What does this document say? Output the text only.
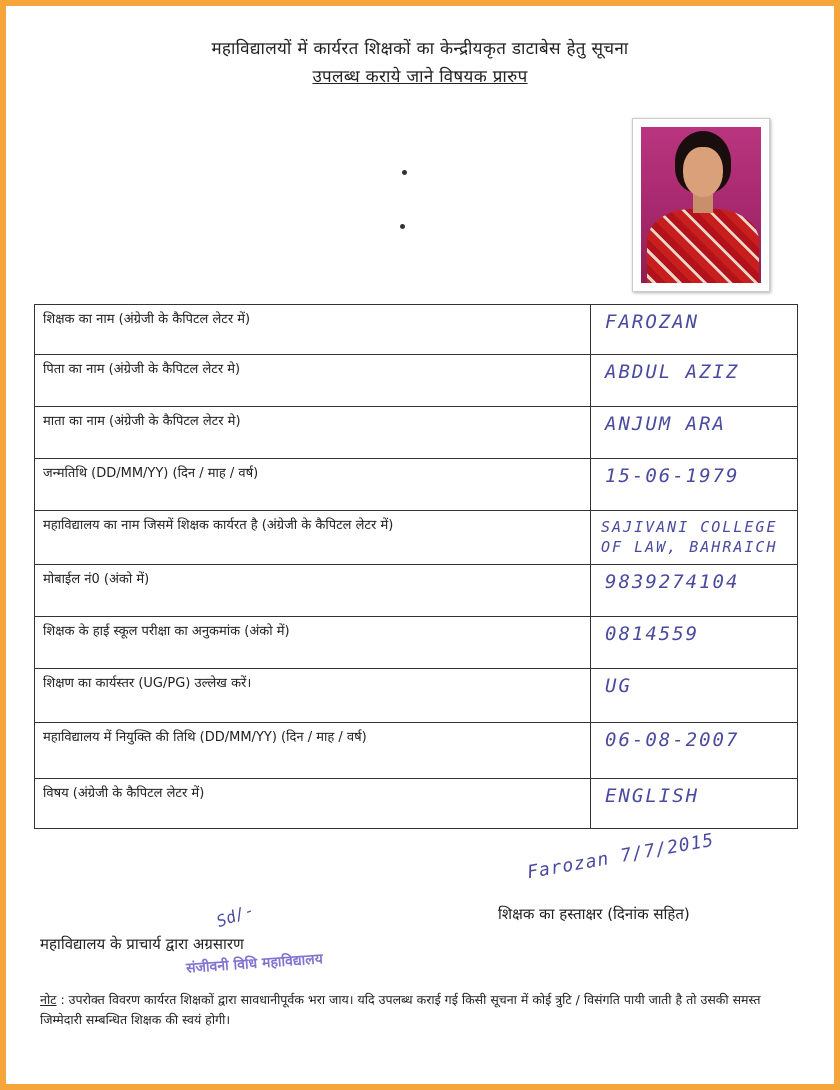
महाविद्यालयों में कार्यरत शिक्षकों का केन्द्रीयकृत डाटाबेस हेतु सूचना
उपलब्ध कराये जाने विषयक प्रारुप
शिक्षक का नाम (अंग्रेजी के कैपिटल लेटर में)	FAROZAN
पिता का नाम (अंग्रेजी के कैपिटल लेटर मे)	ABDUL AZIZ
माता का नाम (अंग्रेजी के कैपिटल लेटर मे)	ANJUM ARA
जन्मतिथि (DD/MM/YY) (दिन / माह / वर्ष)	15-06-1979
महाविद्यालय का नाम जिसमें शिक्षक कार्यरत है (अंग्रेजी के कैपिटल लेटर में)	SAJIVANI COLLEGE
OF LAW, BAHRAICH

मोबाईल नं0 (अंको में)	9839274104
शिक्षक के हाई स्कूल परीक्षा का अनुकमांक (अंको में)	0814559
शिक्षण का कार्यस्तर (UG/PG) उल्लेख करें।	UG
महाविद्यालय में नियुक्ति की तिथि (DD/MM/YY) (दिन / माह / वर्ष)	06-08-2007
विषय (अंग्रेजी के कैपिटल लेटर में)	ENGLISH
Farozan 7/7/2015
शिक्षक का हस्ताक्षर (दिनांक सहित)
Sd/-
महाविद्यालय के प्राचार्य द्वारा अग्रसारण
संजीवनी विधि महाविद्यालय
नोट : उपरोक्त विवरण कार्यरत शिक्षकों द्वारा सावधानीपूर्वक भरा जाय। यदि उपलब्ध कराई गई किसी सूचना में कोई त्रुटि / विसंगति पायी जाती है तो उसकी समस्त जिम्मेदारी सम्बन्धित शिक्षक की स्वयं होगी।
